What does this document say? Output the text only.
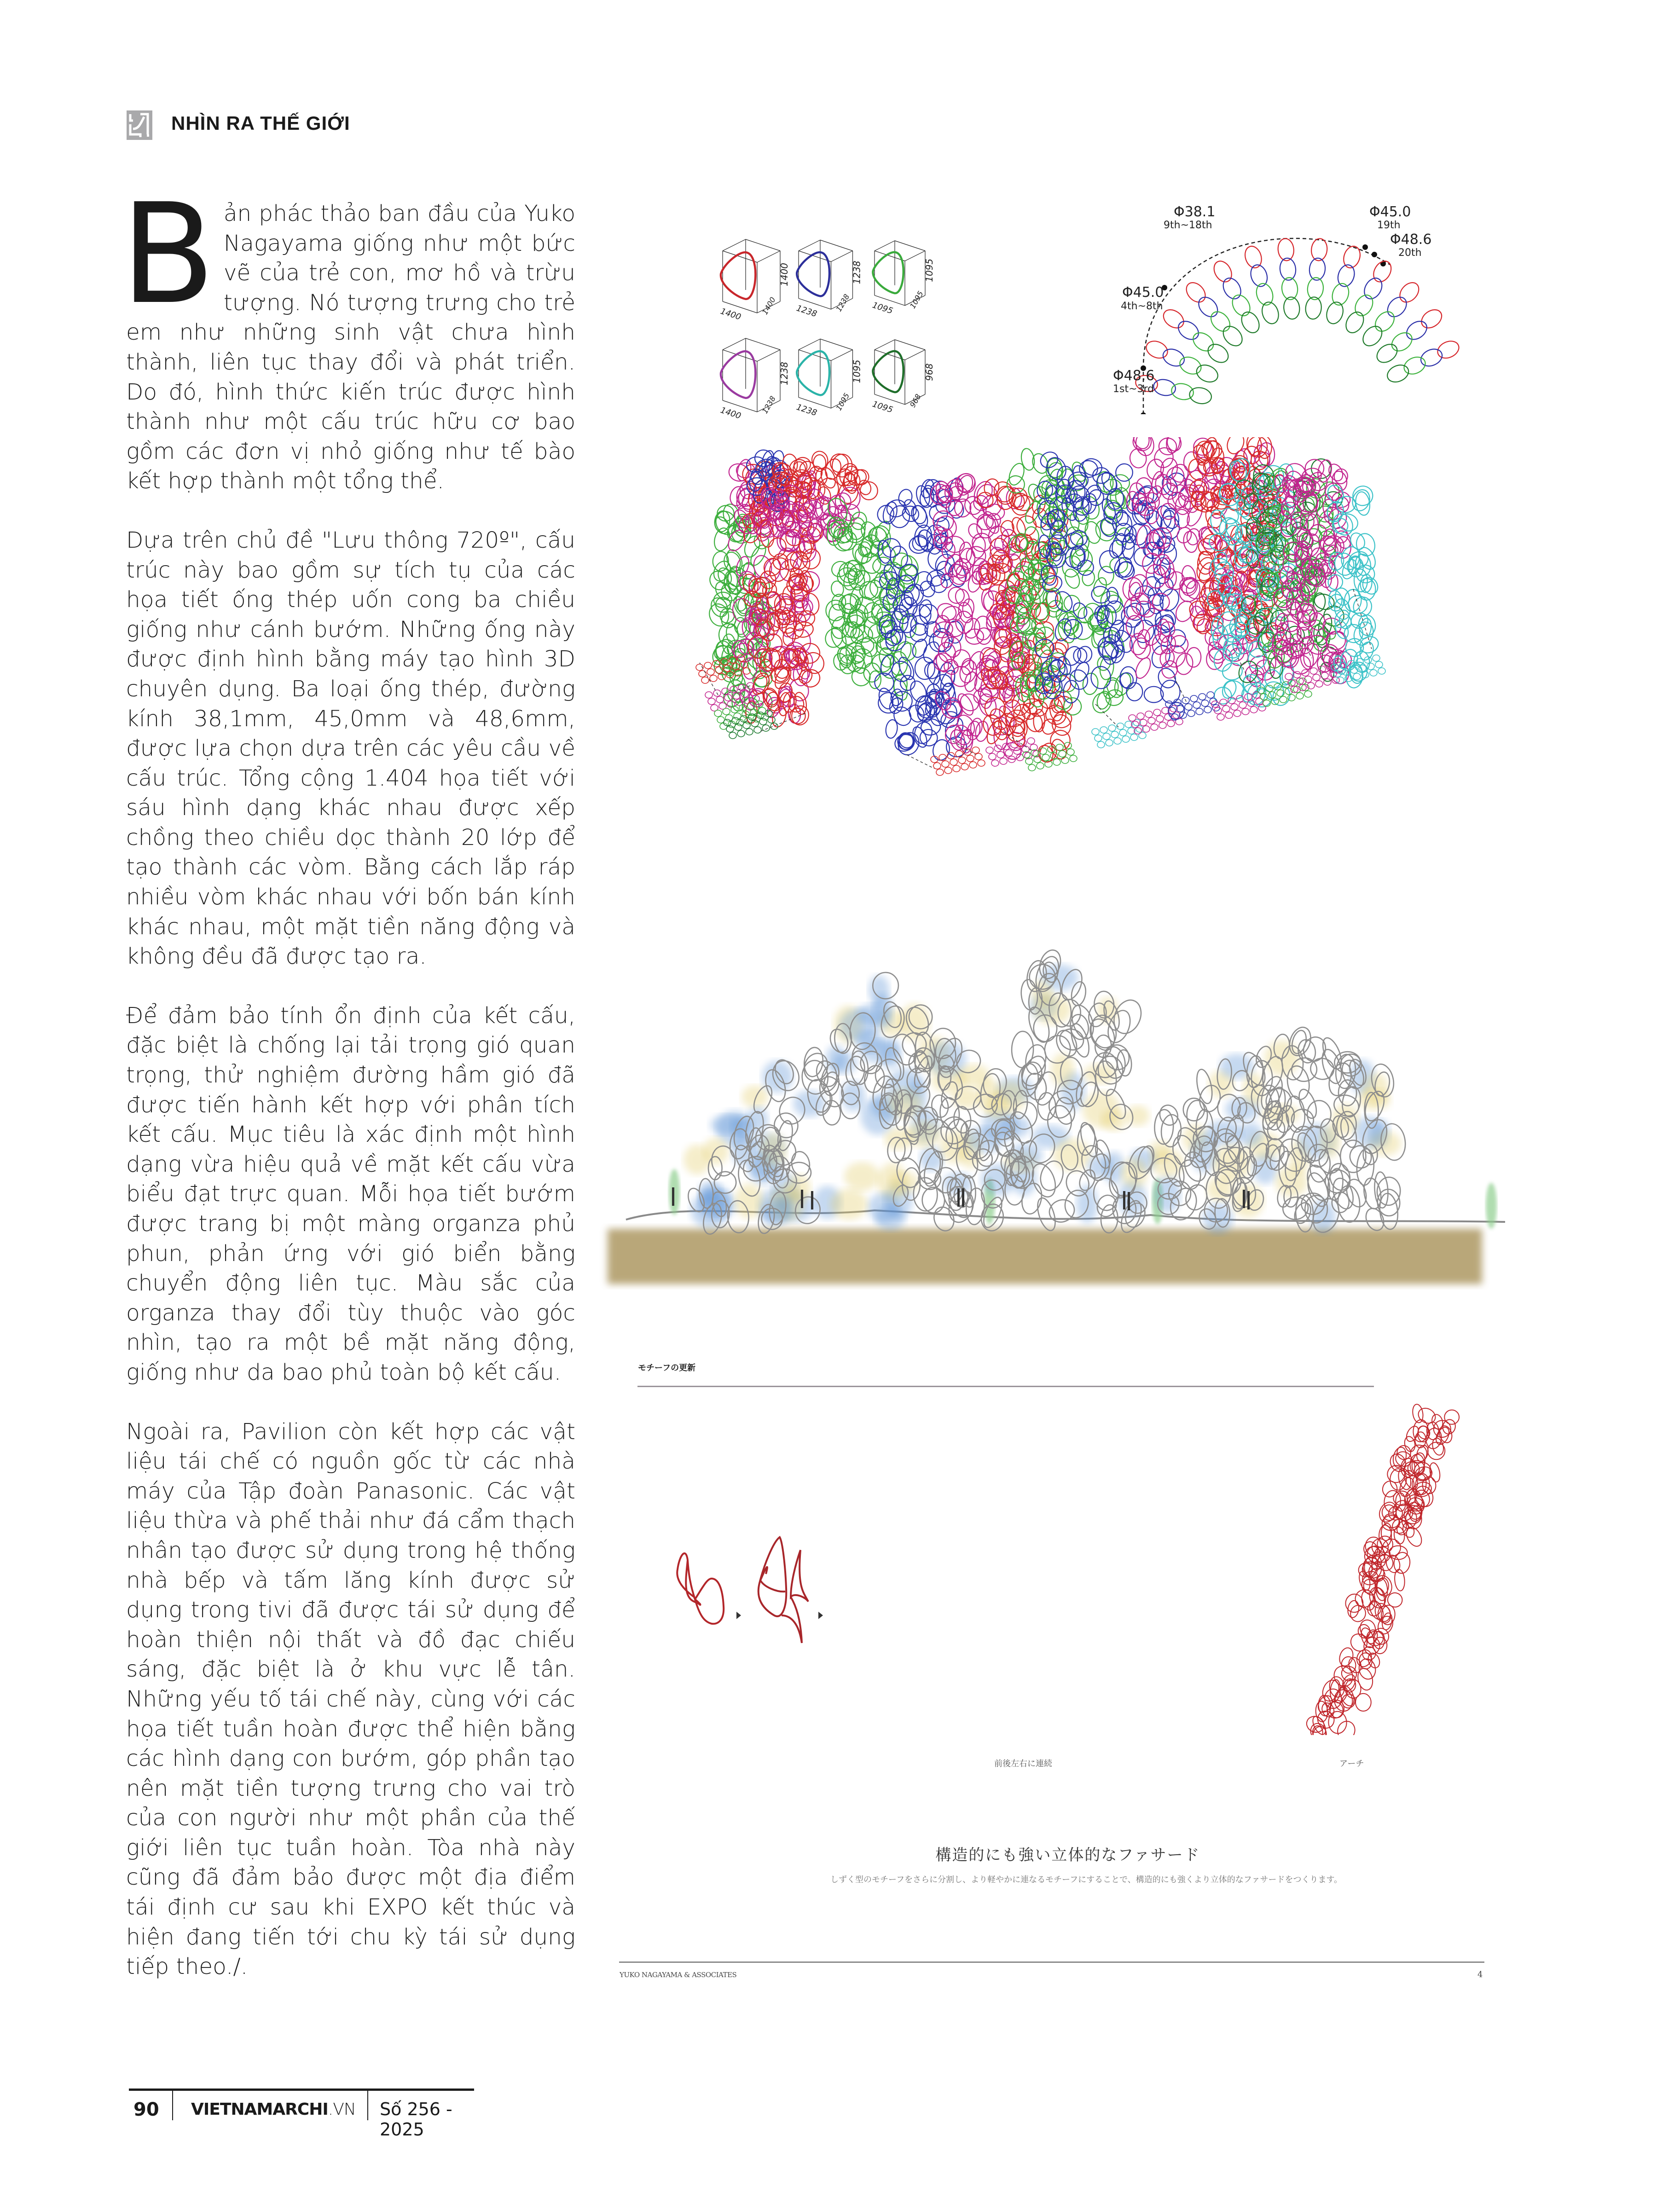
NHÌN RA THẾ GIỚI

Bản phác thảo ban đầu của Yuko Nagayama giống như một bức vẽ của trẻ con, mơ hồ và trừu tượng. Nó tượng trưng cho trẻ em như những sinh vật chưa hình thành, liên tục thay đổi và phát triển. Do đó, hình thức kiến trúc được hình thành như một cấu trúc hữu cơ bao gồm các đơn vị nhỏ giống như tế bào kết hợp thành một tổng thể.

Dựa trên chủ đề "Lưu thông 720º", cấu trúc này bao gồm sự tích tụ của các họa tiết ống thép uốn cong ba chiều giống như cánh bướm. Những ống này được định hình bằng máy tạo hình 3D chuyên dụng. Ba loại ống thép, đường kính 38,1mm, 45,0mm và 48,6mm, được lựa chọn dựa trên các yêu cầu về cấu trúc. Tổng cộng 1.404 họa tiết với sáu hình dạng khác nhau được xếp chồng theo chiều dọc thành 20 lớp để tạo thành các vòm. Bằng cách lắp ráp nhiều vòm khác nhau với bốn bán kính khác nhau, một mặt tiền năng động và không đều đã được tạo ra.

Để đảm bảo tính ổn định của kết cấu, đặc biệt là chống lại tải trọng gió quan trọng, thử nghiệm đường hầm gió đã được tiến hành kết hợp với phân tích kết cấu. Mục tiêu là xác định một hình dạng vừa hiệu quả về mặt kết cấu vừa biểu đạt trực quan. Mỗi họa tiết bướm được trang bị một màng organza phủ phun, phản ứng với gió biển bằng chuyển động liên tục. Màu sắc của organza thay đổi tùy thuộc vào góc nhìn, tạo ra một bề mặt năng động, giống như da bao phủ toàn bộ kết cấu.

Ngoài ra, Pavilion còn kết hợp các vật liệu tái chế có nguồn gốc từ các nhà máy của Tập đoàn Panasonic. Các vật liệu thừa và phế thải như đá cẩm thạch nhân tạo được sử dụng trong hệ thống nhà bếp và tấm lăng kính được sử dụng trong tivi đã được tái sử dụng để hoàn thiện nội thất và đồ đạc chiếu sáng, đặc biệt là ở khu vực lễ tân. Những yếu tố tái chế này, cùng với các họa tiết tuần hoàn được thể hiện bằng các hình dạng con bướm, góp phần tạo nên mặt tiền tượng trưng cho vai trò của con người như một phần của thế giới liên tục tuần hoàn. Tòa nhà này cũng đã đảm bảo được một địa điểm tái định cư sau khi EXPO kết thúc và hiện đang tiến tới chu kỳ tái sử dụng tiếp theo./.

1400
1400 1400
1238
1238 1238
1095
1095 1095
1238
1400 1238
1095
1238 1095
968
1095 968
Φ38.1
9th~18th
Φ45.0
19th
Φ48.6
20th
Φ45.0
4th~8th
Φ48.6
1st~3rd
モチーフの更新
前後左右に連続	アーチ
構造的にも強い立体的なファサード
しずく型のモチーフをさらに分割し、より軽やかに連なるモチーフにすることで、構造的にも強くより立体的なファサードをつくります。
YUKO NAGAYAMA & ASSOCIATES	4
90 VIETNAMARCHI.VN Số 256 - 2025
